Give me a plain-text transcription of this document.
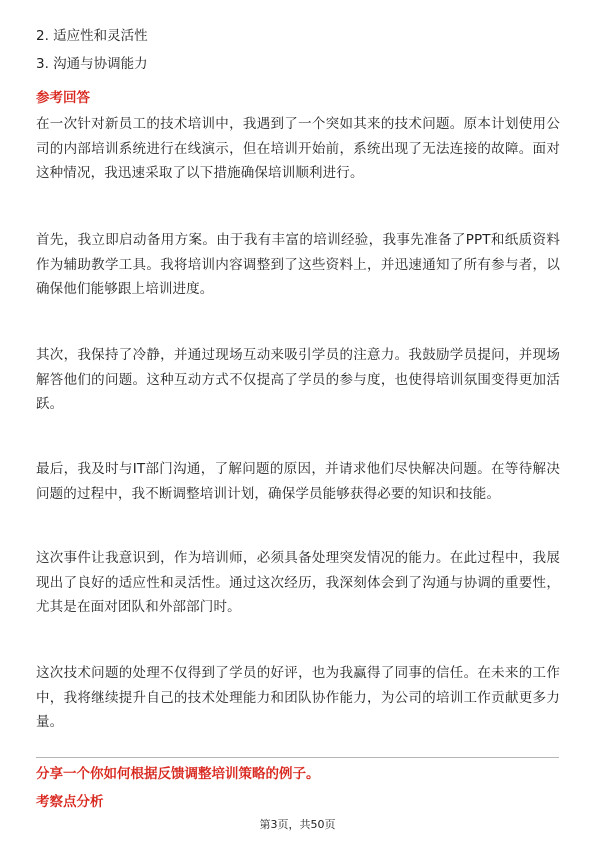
2. 适应性和灵活性
3. 沟通与协调能力
参考回答
在一次针对新员工的技术培训中，我遇到了一个突如其来的技术问题。原本计划使用公司的内部培训系统进行在线演示，但在培训开始前，系统出现了无法连接的故障。面对这种情况，我迅速采取了以下措施确保培训顺利进行。
首先，我立即启动备用方案。由于我有丰富的培训经验，我事先准备了PPT和纸质资料作为辅助教学工具。我将培训内容调整到了这些资料上，并迅速通知了所有参与者，以确保他们能够跟上培训进度。
其次，我保持了冷静，并通过现场互动来吸引学员的注意力。我鼓励学员提问，并现场解答他们的问题。这种互动方式不仅提高了学员的参与度，也使得培训氛围变得更加活跃。
最后，我及时与IT部门沟通，了解问题的原因，并请求他们尽快解决问题。在等待解决问题的过程中，我不断调整培训计划，确保学员能够获得必要的知识和技能。
这次事件让我意识到，作为培训师，必须具备处理突发情况的能力。在此过程中，我展现出了良好的适应性和灵活性。通过这次经历，我深刻体会到了沟通与协调的重要性，尤其是在面对团队和外部部门时。
这次技术问题的处理不仅得到了学员的好评，也为我赢得了同事的信任。在未来的工作中，我将继续提升自己的技术处理能力和团队协作能力，为公司的培训工作贡献更多力量。
分享一个你如何根据反馈调整培训策略的例子。
考察点分析
第3页，共50页
